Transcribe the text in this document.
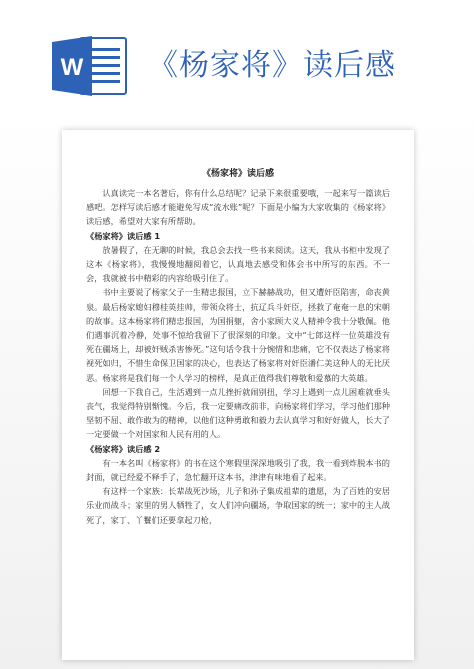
W 《杨家将》读后感
《杨家将》读后感

认真读完一本名著后，你有什么总结呢？记录下来很重要哦，一起来写一篇读后感吧。怎样写读后感才能避免写成“流水账”呢？下面是小编为大家收集的《杨家将》读后感，希望对大家有所帮助。

《杨家将》读后感 1

放暑假了，在无聊的时候，我总会去找一些书来阅读。这天，我从书柜中发现了这本《杨家将》，我慢慢地翻阅着它，认真地去感受和体会书中所写的东西。不一会，我就被书中精彩的内容给吸引住了。

书中主要说了杨家父子一生精忠报国，立下赫赫战功，但又遭奸臣陷害，命丧黄泉。最后杨家媳妇穆桂英挂帅，带领众将士，抗辽兵斗奸臣，拯救了奄奄一息的宋朝的故事。这本杨家将们精忠报国，为国捐躯，舍小家顾大义人精神令我十分敬佩。他们遇事沉着冷静，处事不惊给我留下了很深刻的印象。文中“七郎这样一位英雄没有死在疆场上，却被奸贼杀害惨死。”这句话令我十分惋惜和悲痛，它不仅表达了杨家将视死如归，不惜生命保卫国家的决心，也表达了杨家将对奸臣潘仁美这种人的无比厌恶。杨家将是我们每一个人学习的榜样，是真正值得我们尊敬和爱慕的大英雄。

回想一下我自己，生活遇到一点儿挫折就闹别扭，学习上遇到一点儿困难就垂头丧气，我觉得特别惭愧。今后，我一定要痛改前非，向杨家将们学习，学习他们那种坚韧不屈、敢作敢为的精神，以他们这种勇敢和毅力去认真学习和好好做人，长大了一定要做一个对国家和人民有用的人。

《杨家将》读后感 2

有一本名叫《杨家将》的书在这个寒假里深深地吸引了我，我一看到炸脱本书的封面，就已经爱不释手了，急忙翻开这本书，津津有味地看了起来。

有这样一个家族：长辈战死沙场，儿子和孙子集成祖辈的遗愿，为了百姓的安居乐业而战斗；家里的男人牺牲了，女人们冲向疆场，争取国家的统一；家中的主人战死了，家丁、丫鬟们还要拿起刀枪，
